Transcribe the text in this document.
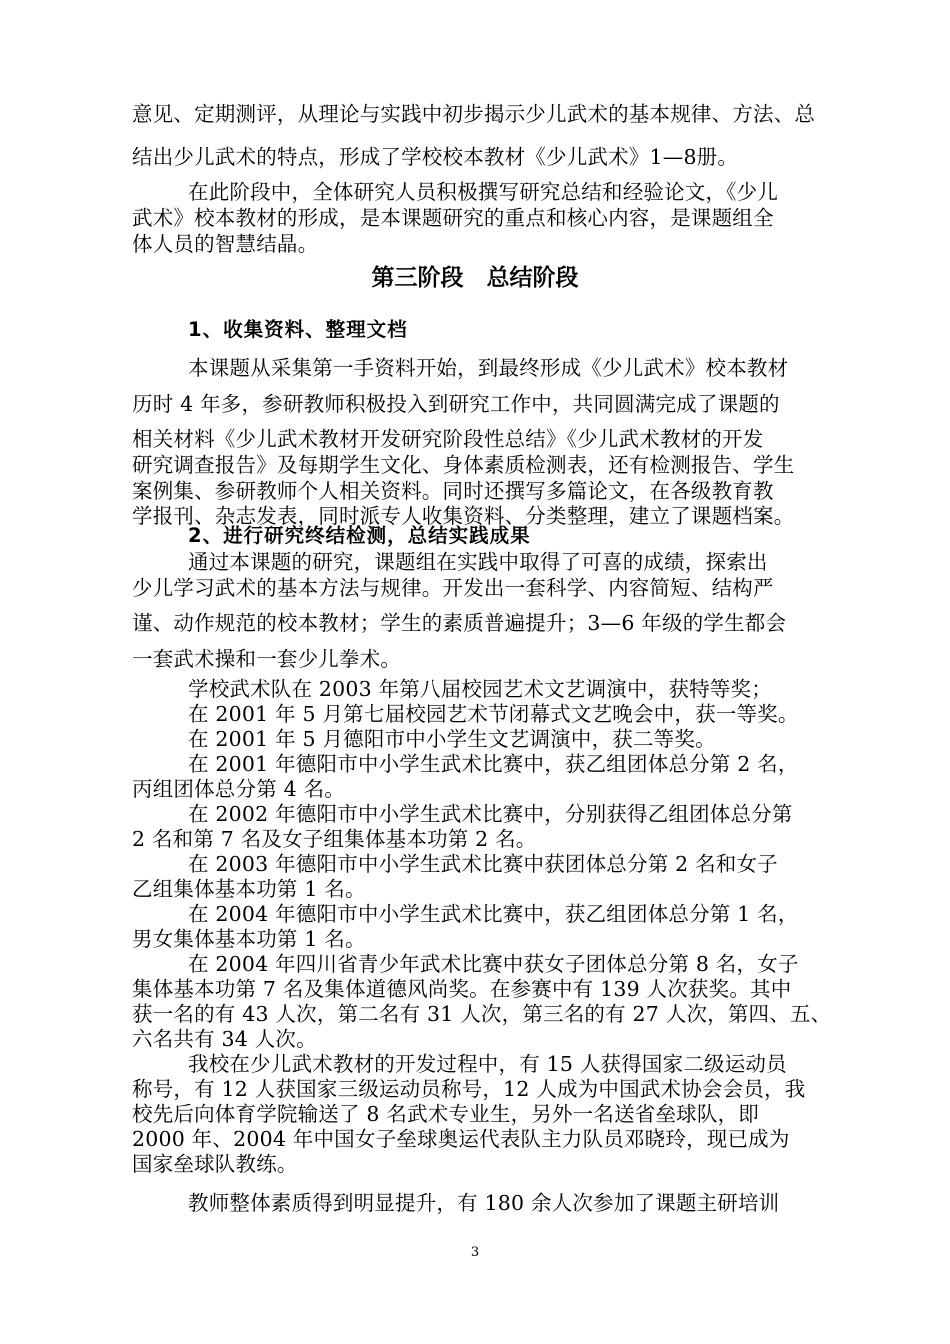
意见、定期测评，从理论与实践中初步揭示少儿武术的基本规律、方法、总
结出少儿武术的特点，形成了学校校本教材《少儿武术》1—8册。
在此阶段中，全体研究人员积极撰写研究总结和经验论文，《少儿
武术》校本教材的形成，是本课题研究的重点和核心内容，是课题组全
体人员的智慧结晶。
第三阶段　总结阶段
1、收集资料、整理文档
本课题从采集第一手资料开始，到最终形成《少儿武术》校本教材
历时 4 年多，参研教师积极投入到研究工作中，共同圆满完成了课题的
相关材料《少儿武术教材开发研究阶段性总结》《少儿武术教材的开发
研究调查报告》及每期学生文化、身体素质检测表，还有检测报告、学生
案例集、参研教师个人相关资料。同时还撰写多篇论文，在各级教育教
学报刊、杂志发表，同时派专人收集资料、分类整理，建立了课题档案。
2、进行研究终结检测，总结实践成果
通过本课题的研究，课题组在实践中取得了可喜的成绩，探索出
少儿学习武术的基本方法与规律。开发出一套科学、内容简短、结构严
谨、动作规范的校本教材；学生的素质普遍提升；3—6 年级的学生都会
一套武术操和一套少儿拳术。
学校武术队在 2003 年第八届校园艺术文艺调演中，获特等奖；
在 2001 年 5 月第七届校园艺术节闭幕式文艺晚会中，获一等奖。
在 2001 年 5 月德阳市中小学生文艺调演中，获二等奖。
在 2001 年德阳市中小学生武术比赛中，获乙组团体总分第 2 名，
丙组团体总分第 4 名。
在 2002 年德阳市中小学生武术比赛中，分别获得乙组团体总分第
2 名和第 7 名及女子组集体基本功第 2 名。
在 2003 年德阳市中小学生武术比赛中获团体总分第 2 名和女子
乙组集体基本功第 1 名。
在 2004 年德阳市中小学生武术比赛中，获乙组团体总分第 1 名，
男女集体基本功第 1 名。
在 2004 年四川省青少年武术比赛中获女子团体总分第 8 名，女子
集体基本功第 7 名及集体道德风尚奖。在参赛中有 139 人次获奖。其中
获一名的有 43 人次，第二名有 31 人次，第三名的有 27 人次，第四、五、
六名共有 34 人次。
我校在少儿武术教材的开发过程中，有 15 人获得国家二级运动员
称号，有 12 人获国家三级运动员称号，12 人成为中国武术协会会员，我
校先后向体育学院输送了 8 名武术专业生，另外一名送省垒球队，即
2000 年、2004 年中国女子垒球奥运代表队主力队员邓晓玲，现已成为
国家垒球队教练。
教师整体素质得到明显提升，有 180 余人次参加了课题主研培训
3
